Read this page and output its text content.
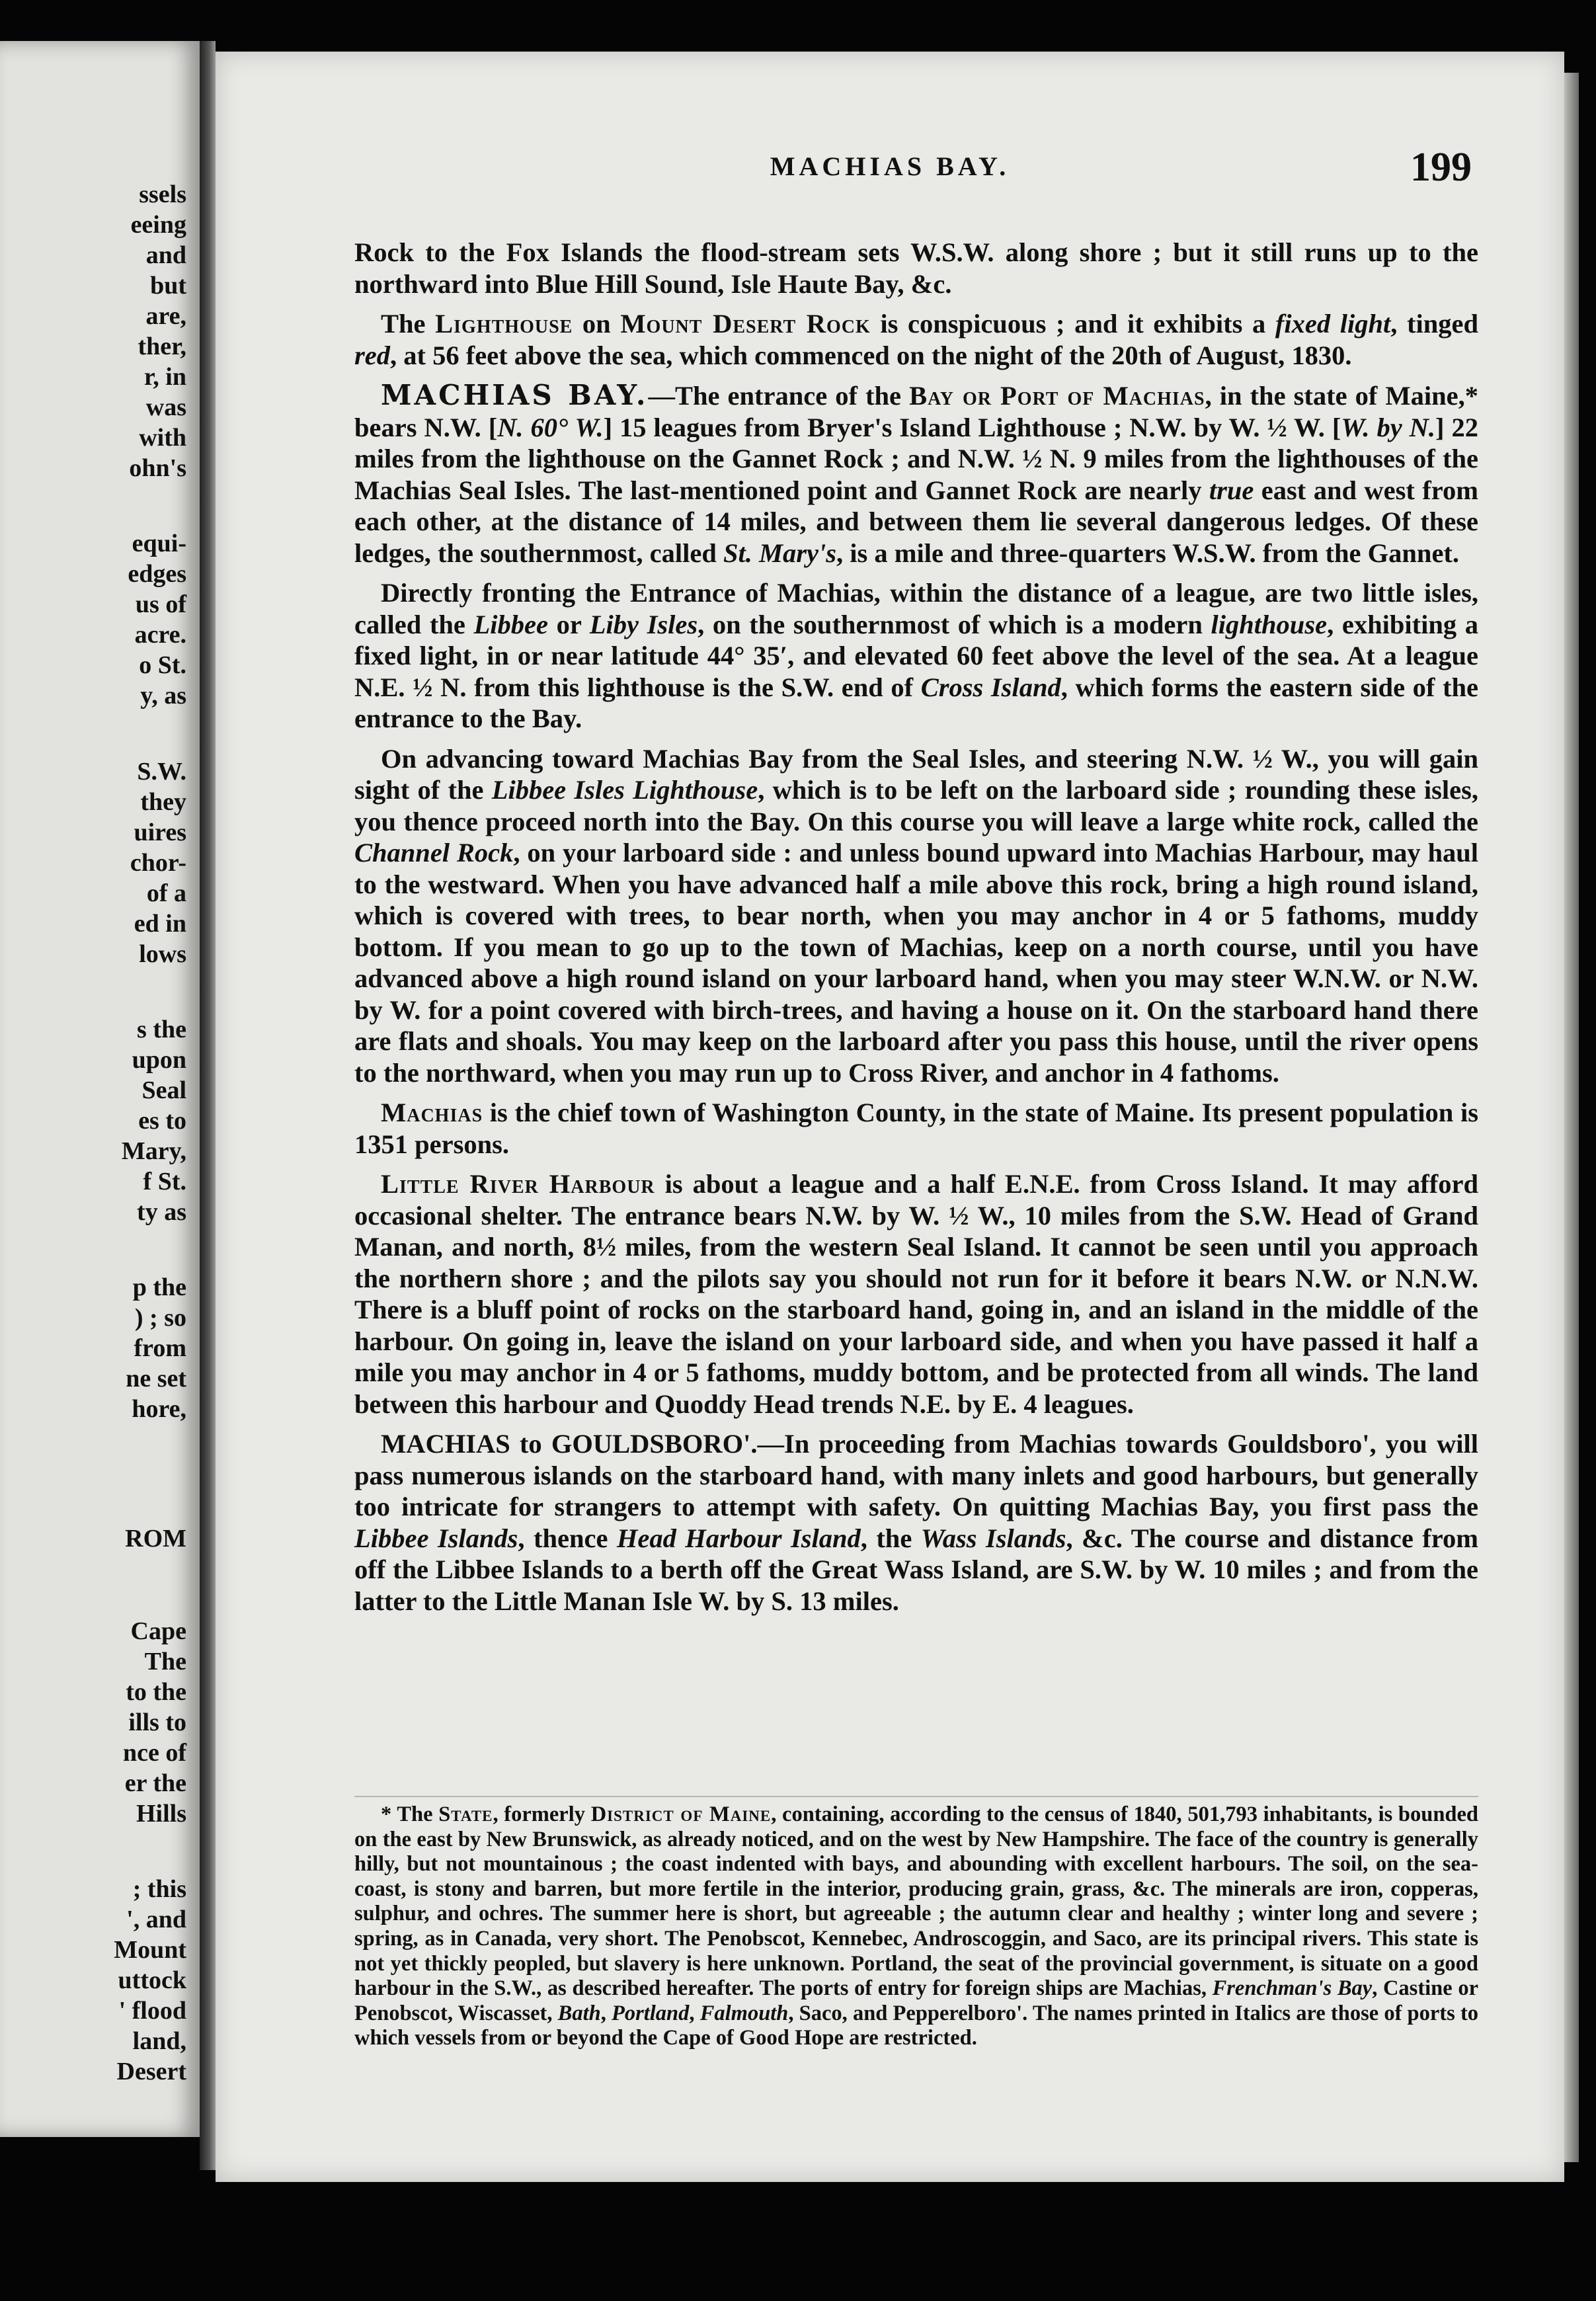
ssels
eeing
and
but
are,
ther,
r, in
was
with
ohn's
equi-
edges
us of
acre.
o St.
y, as
S.W.
they
uires
chor-
of a
ed in
lows
s the
upon
Seal
es to
Mary,
f St.
ty as
p the
) ; so
from
ne set
hore,
ROM
Cape
The
to the
ills to
nce of
er the
Hills
; this
', and
Mount
uttock
' flood
land,
Desert
MACHIAS BAY.	199

Rock to the Fox Islands the flood-stream sets W.S.W. along shore ; but it still runs up to the northward into Blue Hill Sound, Isle Haute Bay, &c.

The Lighthouse on Mount Desert Rock is conspicuous ; and it exhibits a fixed light, tinged red, at 56 feet above the sea, which commenced on the night of the 20th of August, 1830.

MACHIAS BAY.—The entrance of the Bay or Port of Machias, in the state of Maine,* bears N.W. [N. 60° W.] 15 leagues from Bryer's Island Lighthouse ; N.W. by W. ½ W. [W. by N.] 22 miles from the lighthouse on the Gannet Rock ; and N.W. ½ N. 9 miles from the lighthouses of the Machias Seal Isles. The last-mentioned point and Gannet Rock are nearly true east and west from each other, at the distance of 14 miles, and between them lie several dangerous ledges. Of these ledges, the southernmost, called St. Mary's, is a mile and three-quarters W.S.W. from the Gannet.

Directly fronting the Entrance of Machias, within the distance of a league, are two little isles, called the Libbee or Liby Isles, on the southernmost of which is a modern lighthouse, exhibiting a fixed light, in or near latitude 44° 35′, and elevated 60 feet above the level of the sea. At a league N.E. ½ N. from this lighthouse is the S.W. end of Cross Island, which forms the eastern side of the entrance to the Bay.

On advancing toward Machias Bay from the Seal Isles, and steering N.W. ½ W., you will gain sight of the Libbee Isles Lighthouse, which is to be left on the larboard side ; rounding these isles, you thence proceed north into the Bay. On this course you will leave a large white rock, called the Channel Rock, on your larboard side : and unless bound upward into Machias Harbour, may haul to the westward. When you have advanced half a mile above this rock, bring a high round island, which is covered with trees, to bear north, when you may anchor in 4 or 5 fathoms, muddy bottom. If you mean to go up to the town of Machias, keep on a north course, until you have advanced above a high round island on your larboard hand, when you may steer W.N.W. or N.W. by W. for a point covered with birch-trees, and having a house on it. On the starboard hand there are flats and shoals. You may keep on the larboard after you pass this house, until the river opens to the northward, when you may run up to Cross River, and anchor in 4 fathoms.

Machias is the chief town of Washington County, in the state of Maine. Its present population is 1351 persons.

Little River Harbour is about a league and a half E.N.E. from Cross Island. It may afford occasional shelter. The entrance bears N.W. by W. ½ W., 10 miles from the S.W. Head of Grand Manan, and north, 8½ miles, from the western Seal Island. It cannot be seen until you approach the northern shore ; and the pilots say you should not run for it before it bears N.W. or N.N.W. There is a bluff point of rocks on the starboard hand, going in, and an island in the middle of the harbour. On going in, leave the island on your larboard side, and when you have passed it half a mile you may anchor in 4 or 5 fathoms, muddy bottom, and be protected from all winds. The land between this harbour and Quoddy Head trends N.E. by E. 4 leagues.

MACHIAS to GOULDSBORO'.—In proceeding from Machias towards Gouldsboro', you will pass numerous islands on the starboard hand, with many inlets and good harbours, but generally too intricate for strangers to attempt with safety. On quitting Machias Bay, you first pass the Libbee Islands, thence Head Harbour Island, the Wass Islands, &c. The course and distance from off the Libbee Islands to a berth off the Great Wass Island, are S.W. by W. 10 miles ; and from the latter to the Little Manan Isle W. by S. 13 miles.

* The State, formerly District of Maine, containing, according to the census of 1840, 501,793 inhabitants, is bounded on the east by New Brunswick, as already noticed, and on the west by New Hampshire. The face of the country is generally hilly, but not mountainous ; the coast indented with bays, and abounding with excellent harbours. The soil, on the sea-coast, is stony and barren, but more fertile in the interior, producing grain, grass, &c. The minerals are iron, copperas, sulphur, and ochres. The summer here is short, but agreeable ; the autumn clear and healthy ; winter long and severe ; spring, as in Canada, very short. The Penobscot, Kennebec, Androscoggin, and Saco, are its principal rivers. This state is not yet thickly peopled, but slavery is here unknown. Portland, the seat of the provincial government, is situate on a good harbour in the S.W., as described hereafter. The ports of entry for foreign ships are Machias, Frenchman's Bay, Castine or Penobscot, Wiscasset, Bath, Portland, Falmouth, Saco, and Pepperelboro'. The names printed in Italics are those of ports to which vessels from or beyond the Cape of Good Hope are restricted.
